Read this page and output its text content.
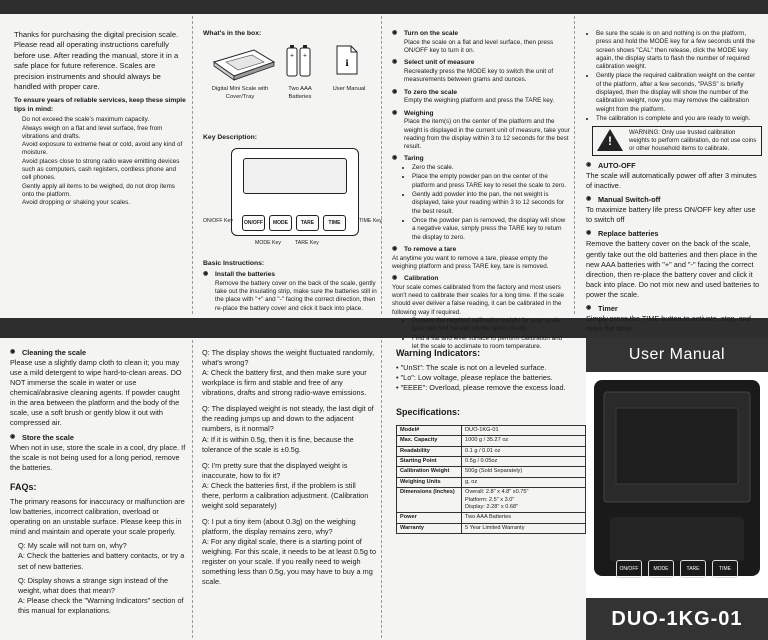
Thanks for purchasing the digital precision scale. Please read all operating instructions carefully before use. After reading the manual, store it in a safe place for future reference. Scales are precision instruments and should always be handled with proper care.

To ensure years of reliable services, keep these simple tips in mind:
Do not exceed the scale's maximum capacity.
Always weigh on a flat and level surface, free from vibrations and drafts.
Avoid exposure to extreme heat or cold, avoid any kind of moisture.
Avoid places close to strong radio wave emitting devices such as computers, cash registers, cordless phone and cell phones.
Gently apply all items to be weighed, do not drop items onto the platform.
Avoid dropping or shaking your scales.
What's in the box:
+ +
ℹ
Digital Mini Scale with Cover/Tray
Two AAA Batteries
User Manual
Key Description:
ON/OFF	MODE	TARE	TIME
ON/OFF Key	TIME Key
MODE Key	TARE Key
Basic Instructions:
◉ Install the batteries
Remove the battery cover on the back of the scale, gently take out the insulating strip, make sure the batteries still in the place with "+" and "-" facing the correct direction, then re-place the battery cover and click it back into place.
◉ Turn on the scale
Place the scale on a flat and level surface, then press ON/OFF key to turn it on.
◉ Select unit of measure
Recreatedly press the MODE key to switch the unit of measurements between grams and ounces.
◉ To zero the scale
Empty the weighing platform and press the TARE key.
◉ Weighing
Place the item(s) on the center of the platform and the weight is displayed in the current unit of measure, take your reading from the display within 3 to 12 seconds for the best result.
◉ Taring
• Zero the scale.
• Place the empty powder pan on the center of the platform and press TARE key to reset the scale to zero.
• Gently add powder into the pan, the net weight is displayed, take your reading within 3 to 12 seconds for the best result.
• Once the powder pan is removed, the display will show a negative value, simply press the TARE key to return the display to zero.
◉ To remove a tare
At anytime you want to remove a tare, please empty the weighing platform and press TARE key, tare is removed.
◉ Calibration
Your scale comes calibrated from the factory and most users won't need to calibrate their scales for a long time. If the scale should ever deliver a false reading, it can be calibrated in the following way if required.
• Prepare the required calibration weight for your scale (you can find the info on the specs chart).
• Find a flat and level surface to perform calibration and let the scale to acclimate to room temperature.
• Be sure the scale is on and nothing is on the platform, press and hold the MODE key for a few seconds until the screen shows "CAL" then release, click the MODE key again, the display starts to flash the number of required calibration weight.
• Gently place the required calibration weight on the center of the platform, after a few seconds, "PASS" is briefly displayed, then the display will show the number of the calibration weight, now you may remove the calibration weight from the platform.
• The calibration is complete and you are ready to weigh.
!
WARNING: Only use trusted calibration weights to perform calibration, do not use coins or other household items to calibrate.
◉ AUTO-OFF
The scale will automatically power off after 3 minutes of inactive.
◉ Manual Switch-off
To maximize battery life press ON/OFF key after use to switch off
◉ Replace batteries
Remove the battery cover on the back of the scale, gently take out the old batteries and then place in the new AAA batteries with "+" and "-" facing the correct direction, then re-place the battery cover and click it back into place. Do not mix new and used batteries to power the scale.
◉ Timer
Simply press the TIME button to activate, stop, and reset the timer.
◉ Cleaning the scale
Please use a slightly damp cloth to clean it; you may use a mild detergent to wipe hard-to-clean areas. DO NOT immerse the scale in water or use chemical/abrasive cleaning agents. If powder caught in the area between the platform and the body of the scale, use a soft brush or gently blow it out with compressed air.
◉ Store the scale
When not in use, store the scale in a cool, dry place. If the scale is not being used for a long period, remove the batteries.
FAQs:
The primary reasons for inaccuracy or malfunction are low batteries, incorrect calibration, overload or operating on an unstable surface. Please keep this in mind and maintain and operate your scale properly.
Q: My scale will not turn on, why?
A: Check the batteries and battery contacts, or try a set of new batteries.
Q: Display shows a strange sign instead of the weight, what does that mean?
A: Please check the "Warning Indicators" section of this manual for explanations.
Q: The display shows the weight fluctuated randomly, what's wrong?
A: Check the battery first, and then make sure your workplace is firm and stable and free of any vibrations, drafts and strong radio-wave emissions.
Q: The displayed weight is not steady, the last digit of the reading jumps up and down to the adjacent numbers, is it normal?
A: If it is within 0.5g, then it is fine, because the tolerance of the scale is ±0.5g.
Q: I'm pretty sure that the displayed weight is inaccurate, how to fix it?
A: Check the batteries first, if the problem is still there, perform a calibration adjustment. (Calibration weight sold separately)
Q: I put a tiny item (about 0.3g) on the weighing platform, the display remains zero, why?
A: For any digital scale, there is a starting point of weighing. For this scale, it needs to be at least 0.5g to register on your scale. If you really need to weigh something less than 0.5g, you may have to buy a mg scale.
Warning Indicators:
• "UnSt": The scale is not on a leveled surface.
• "Lo": Low voltage, please replace the batteries.
• "EEEE": Overload, please remove the excess load.
Specifications:
Model#	DUO-1KG-01
Max. Capacity	1000 g / 35.27 oz
Readability	0.1 g / 0.01 oz
Starting Point	0.5g / 0.05oz
Calibration Weight	500g (Sold Separately)
Weighing Units	g, oz
Dimensions (Inches)	Overall: 2.8" x 4.8" x0.75"
Platform: 2.5" x 3.0"
Display: 2.28" x 0.68"
Power	Two AAA Batteries
Warranty	5 Year Limited Warranty
User Manual
ON/OFF	MODE	TARE	TIME
DUO-1KG-01
